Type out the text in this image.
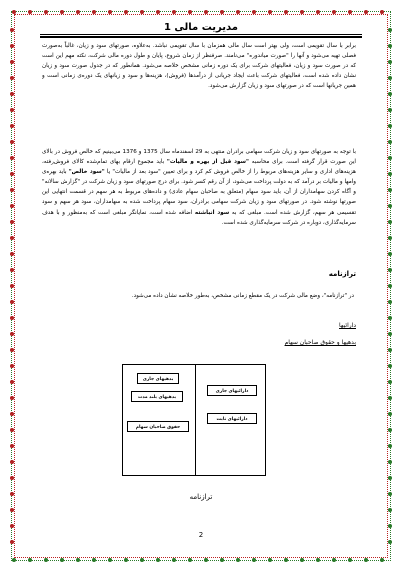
مدیریت مالی 1
برابر با سال تقویمی است، ولی بهتر است سال مالی همزمان با سال تقویمی نباشد. به‌علاوه، صورتهای سود و زیان، غالباً به‌صورت فصلی تهیه می‌شود و آنها را "صورت میاندوره" می‌نامند. صرفنظر از زمان شروع، پایان و طول دوره مالی شرکت، نکته مهم این است که در صورت سود و زیان، فعالیتهای شرکت برای یک دوره زمانی مشخص خلاصه می‌شود. همانطور که در جدول صورت سود و زیان نشان داده شده است، فعالیتهای شرکت باعث ایجاد جریانی از درآمدها (فروش)، هزینه‌ها و سود و زیانهای یک دوره‌ی زمانی است و همین جریانها است که در صورتهای سود و زیان گزارش می‌شود.
با توجه به صورتهای سود و زیان شرکت سهامی برادران منتهی به 29 اسفندماه سال 1375 و 1376 می‌بینیم که خالص فروش در بالای این صورت قرار گرفته است. برای محاسبه "سود قبل از بهره و مالیات" باید مجموع ارقام بهای تمام‌شده کالای فروش‌رفته، هزینه‌های اداری و سایر هزینه‌های مربوط را از خالص فروش کم کرد و برای تعیین "سود بعد از مالیات" یا "سود خالص" باید بهره‌ی وامها و مالیات بر درآمد که به دولت پرداخت می‌شود، از آن رقم کسر شود. برای درج صورتهای سود و زیان شرکت در "گزارش سالانه" و آگاه کردن سهامداران از آن، باید سود سهام (متعلق به صاحبان سهام عادی) و داده‌های مربوط به هر سهم در قسمت انتهایی این صورتها نوشته شود. در صورتهای سود و زیان شرکت سهامی برادران، سود سهام پرداخت شده به سهامداران، سود هر سهم و سود تقسیمی هر سهم، گزارش شده است. مبلغی که به سود انباشته اضافه شده است، نمایانگر مبلغی است که به‌منظور و با هدف سرمایه‌گذاری، دوباره در شرکت سرمایه‌گذاری شده است.
ترازنامه
در "ترازنامه"، وضع مالی شرکت در یک مقطع زمانی مشخص، به‌طور خلاصه نشان داده می‌شود.
دارائیها
بدهیها و حقوق صاحبان سهام
دارائیهای جاری
دارائیهای ثابت
بدهیهای جاری
بدهیهای بلند مدت
حقوق صاحبان سهام
ترازنامه
2
